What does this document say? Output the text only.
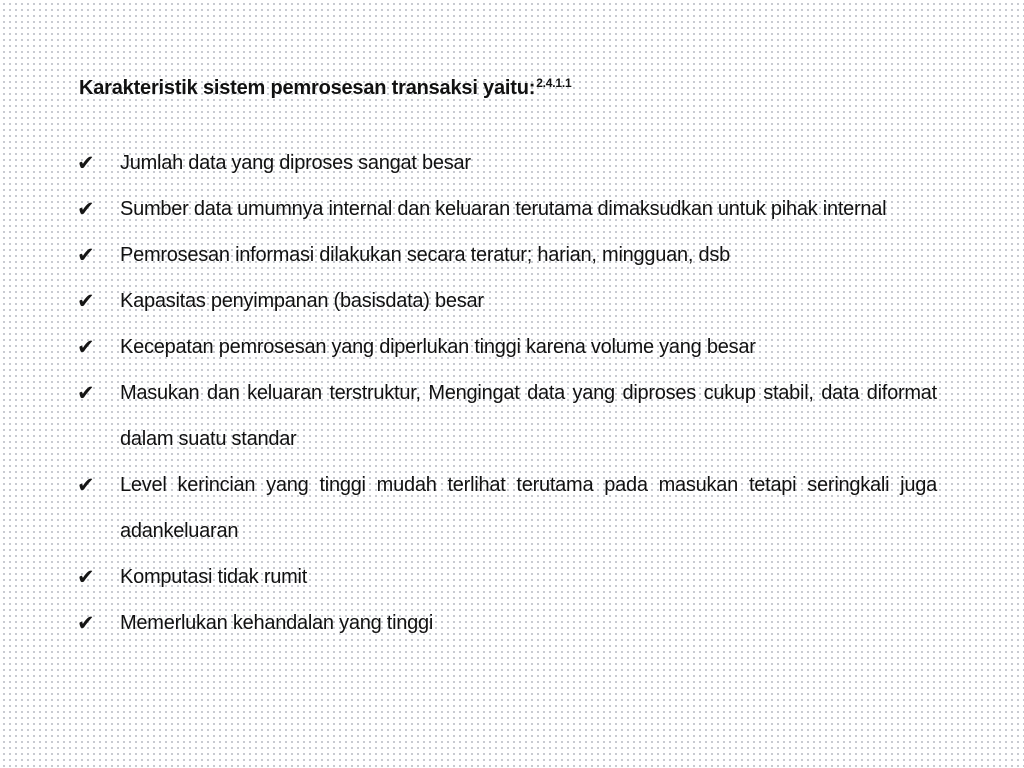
Karakteristik sistem pemrosesan transaksi yaitu:$^{2.4.1.1}$
✔	Jumlah data yang diproses sangat besar
✔	Sumber data umumnya internal dan keluaran terutama dimaksudkan untuk pihak internal
✔	Pemrosesan informasi dilakukan secara teratur; harian, mingguan, dsb
✔	Kapasitas penyimpanan (basisdata) besar
✔	Kecepatan pemrosesan yang diperlukan tinggi karena volume yang besar
✔	Masukan dan keluaran terstruktur, Mengingat data yang diproses cukup stabil, data diformat dalam suatu standar
✔	Level kerincian yang tinggi mudah terlihat terutama pada masukan tetapi seringkali juga adankeluaran
✔	Komputasi tidak rumit
✔	Memerlukan kehandalan yang tinggi
